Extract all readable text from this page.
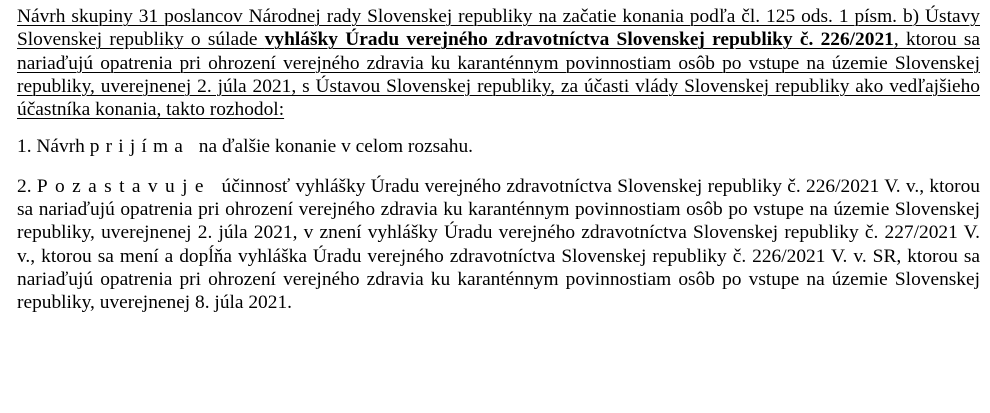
Návrh skupiny 31 poslancov Národnej rady Slovenskej republiky na začatie konania podľa čl. 125 ods. 1 písm. b) Ústavy Slovenskej republiky o súlade vyhlášky Úradu verejného zdravotníctva Slovenskej republiky č. 226/2021, ktorou sa nariaďujú opatrenia pri ohrození verejného zdravia ku karanténnym povinnostiam osôb po vstupe na územie Slovenskej republiky, uverejnenej 2. júla 2021, s Ústavou Slovenskej republiky, za účasti vlády Slovenskej republiky ako vedľajšieho účastníka konania, takto rozhodol:

1. Návrh prijíma  na ďalšie konanie v celom rozsahu.

2. Pozastavuje  účinnosť vyhlášky Úradu verejného zdravotníctva Slovenskej republiky č. 226/2021 V. v., ktorou sa nariaďujú opatrenia pri ohrození verejného zdravia ku karanténnym povinnostiam osôb po vstupe na územie Slovenskej republiky, uverejnenej 2. júla 2021, v znení vyhlášky Úradu verejného zdravotníctva Slovenskej republiky č. 227/2021 V. v., ktorou sa mení a dopĺňa vyhláška Úradu verejného zdravotníctva Slovenskej republiky č. 226/2021 V. v. SR, ktorou sa nariaďujú opatrenia pri ohrození verejného zdravia ku karanténnym povinnostiam osôb po vstupe na územie Slovenskej republiky, uverejnenej 8. júla 2021.
